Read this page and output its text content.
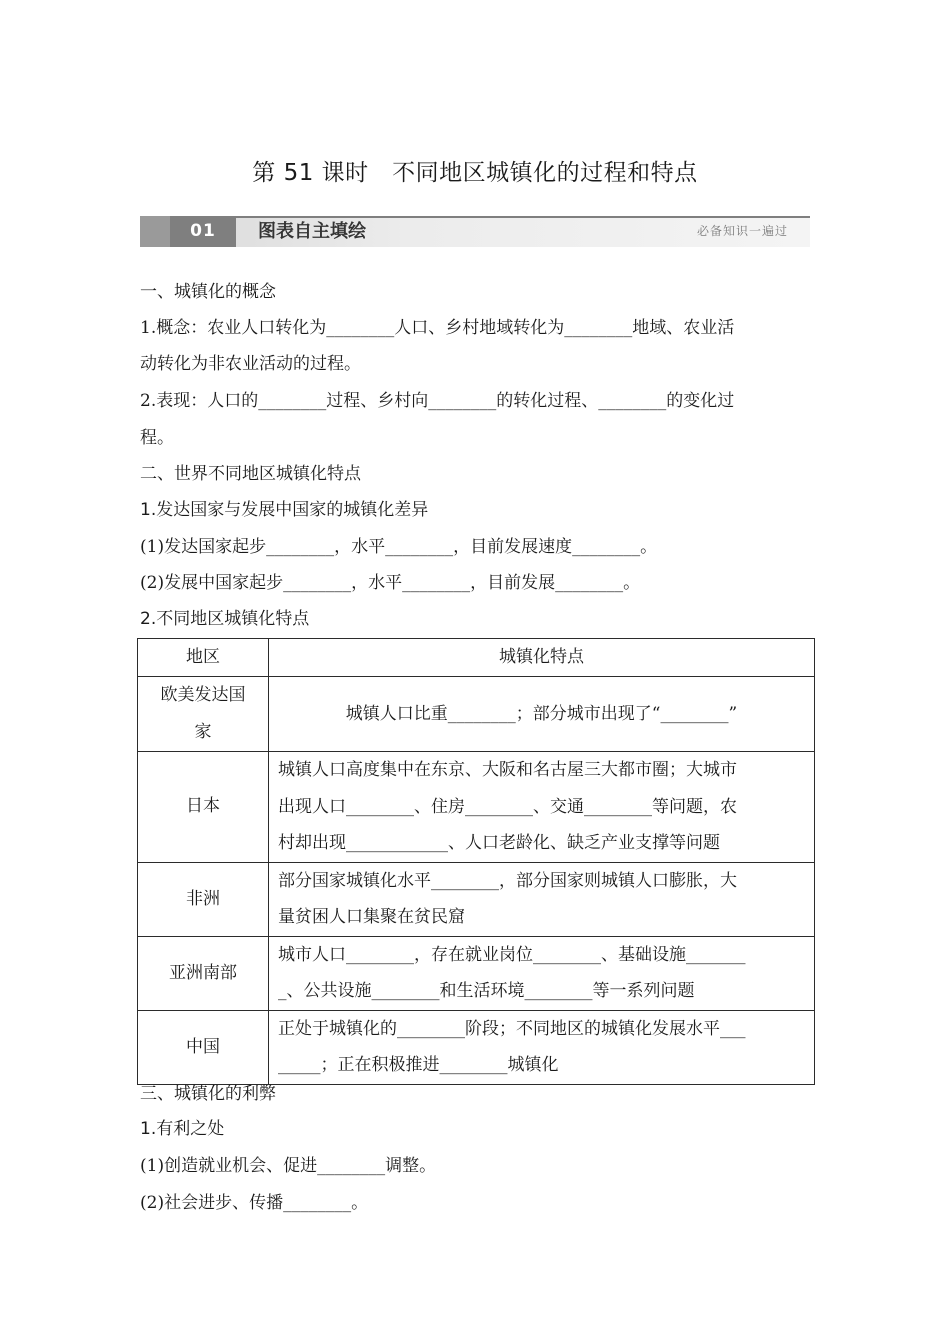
第 51 课时　不同地区城镇化的过程和特点
01	图表自主填绘	必备知识一遍过
一、城镇化的概念
1.概念：农业人口转化为________人口、乡村地域转化为________地域、农业活
动转化为非农业活动的过程。
2.表现：人口的________过程、乡村向________的转化过程、________的变化过
程。
二、世界不同地区城镇化特点
1.发达国家与发展中国家的城镇化差异
(1)发达国家起步________，水平________，目前发展速度________。
(2)发展中国家起步________，水平________，目前发展________。
2.不同地区城镇化特点
地区	城镇化特点

欧美发达国
家	城镇人口比重________；部分城市出现了“________”

日本	城镇人口高度集中在东京、大阪和名古屋三大都市圈；大城市
出现人口________、住房________、交通________等问题，农
村却出现____________、人口老龄化、缺乏产业支撑等问题

非洲	部分国家城镇化水平________，部分国家则城镇人口膨胀，大
量贫困人口集聚在贫民窟

亚洲南部	城市人口________，存在就业岗位________、基础设施_______
_、公共设施________和生活环境________等一系列问题

中国	正处于城镇化的________阶段；不同地区的城镇化发展水平___
_____；正在积极推进________城镇化
三、城镇化的利弊
1.有利之处
(1)创造就业机会、促进________调整。
(2)社会进步、传播________。
